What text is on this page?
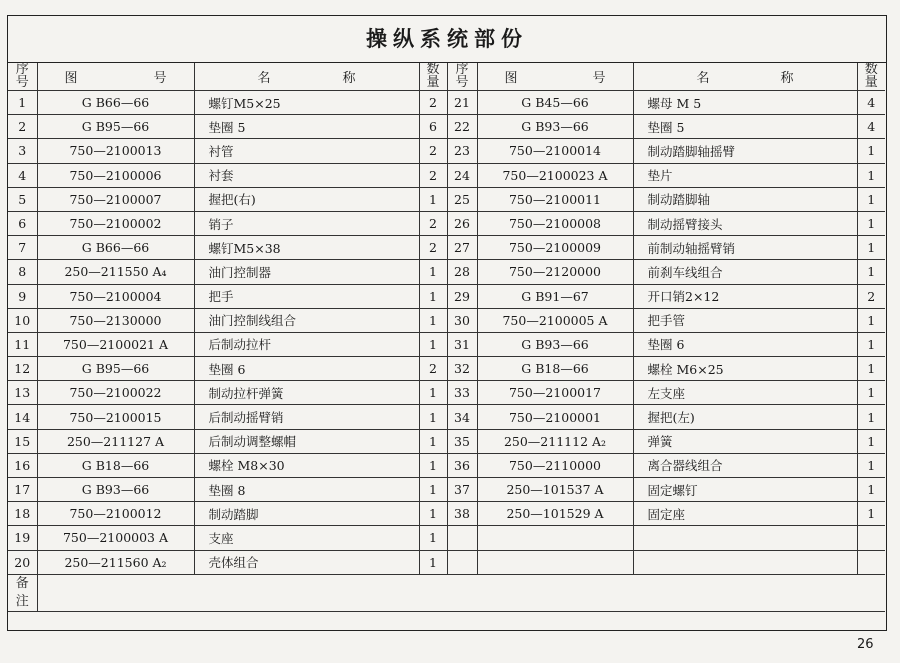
操纵系统部份
序
号	图 号	名 称	数
量	序
号	图 号	名 称	数
量

1	G B66—66	螺钉M5×25	2	21	G B45—66	螺母 M 5	4
2	G B95—66	垫圈 5	6	22	G B93—66	垫圈 5	4
3	750—2100013	衬管	2	23	750—2100014	制动踏脚轴摇臂	1
4	750—2100006	衬套	2	24	750—2100023 A	垫片	1
5	750—2100007	握把(右)	1	25	750—2100011	制动踏脚轴	1
6	750—2100002	销子	2	26	750—2100008	制动摇臂接头	1
7	G B66—66	螺钉M5×38	2	27	750—2100009	前制动轴摇臂销	1
8	250—211550 A₄	油门控制器	1	28	750—2120000	前刹车线组合	1
9	750—2100004	把手	1	29	G B91—67	开口销2×12	2
10	750—2130000	油门控制线组合	1	30	750—2100005 A	把手管	1
11	750—2100021 A	后制动拉杆	1	31	G B93—66	垫圈 6	1
12	G B95—66	垫圈 6	2	32	G B18—66	螺栓 M6×25	1
13	750—2100022	制动拉杆弹簧	1	33	750—2100017	左支座	1
14	750—2100015	后制动摇臂销	1	34	750—2100001	握把(左)	1
15	250—211127 A	后制动调整螺帽	1	35	250—211112 A₂	弹簧	1
16	G B18—66	螺栓 M8×30	1	36	750—2110000	离合器线组合	1
17	G B93—66	垫圈 8	1	37	250—101537 A	固定螺钉	1
18	750—2100012	制动踏脚	1	38	250—101529 A	固定座	1
19	750—2100003 A	支座	1				
20	250—211560 A₂	壳体组合	1				
备
注							
26
